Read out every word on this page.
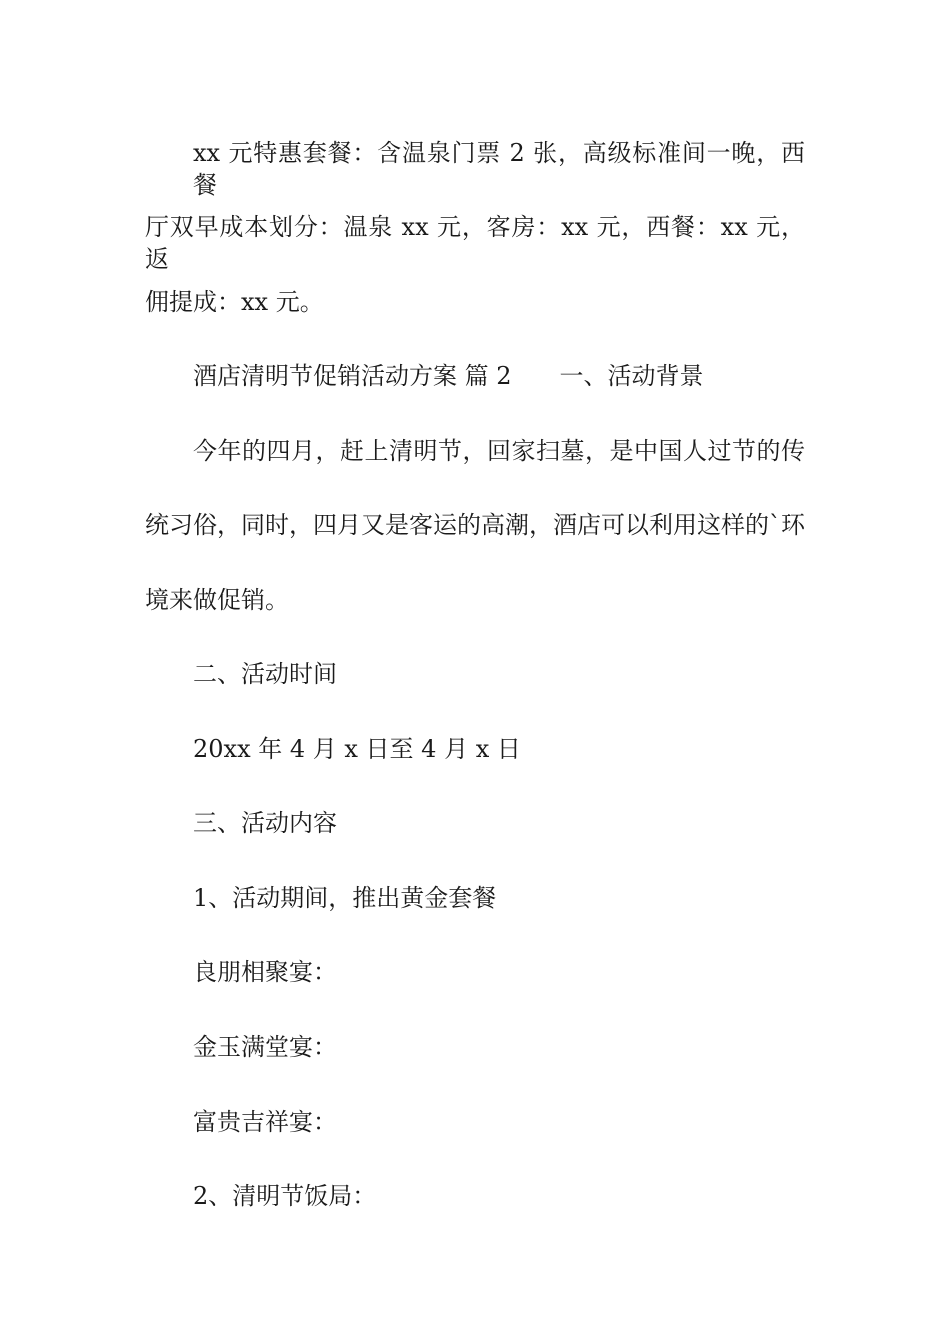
xx 元特惠套餐：含温泉门票 2 张，高级标准间一晚，西餐
厅双早成本划分：温泉 xx 元，客房：xx 元，西餐：xx 元，返
佣提成：xx 元。
酒店清明节促销活动方案 篇 2 一、活动背景
今年的四月，赶上清明节，回家扫墓，是中国人过节的传
统习俗，同时，四月又是客运的高潮，酒店可以利用这样的`环
境来做促销。
二、活动时间
20xx 年 4 月 x 日至 4 月 x 日
三、活动内容
1、活动期间，推出黄金套餐
良朋相聚宴：
金玉满堂宴：
富贵吉祥宴：
2、清明节饭局：
